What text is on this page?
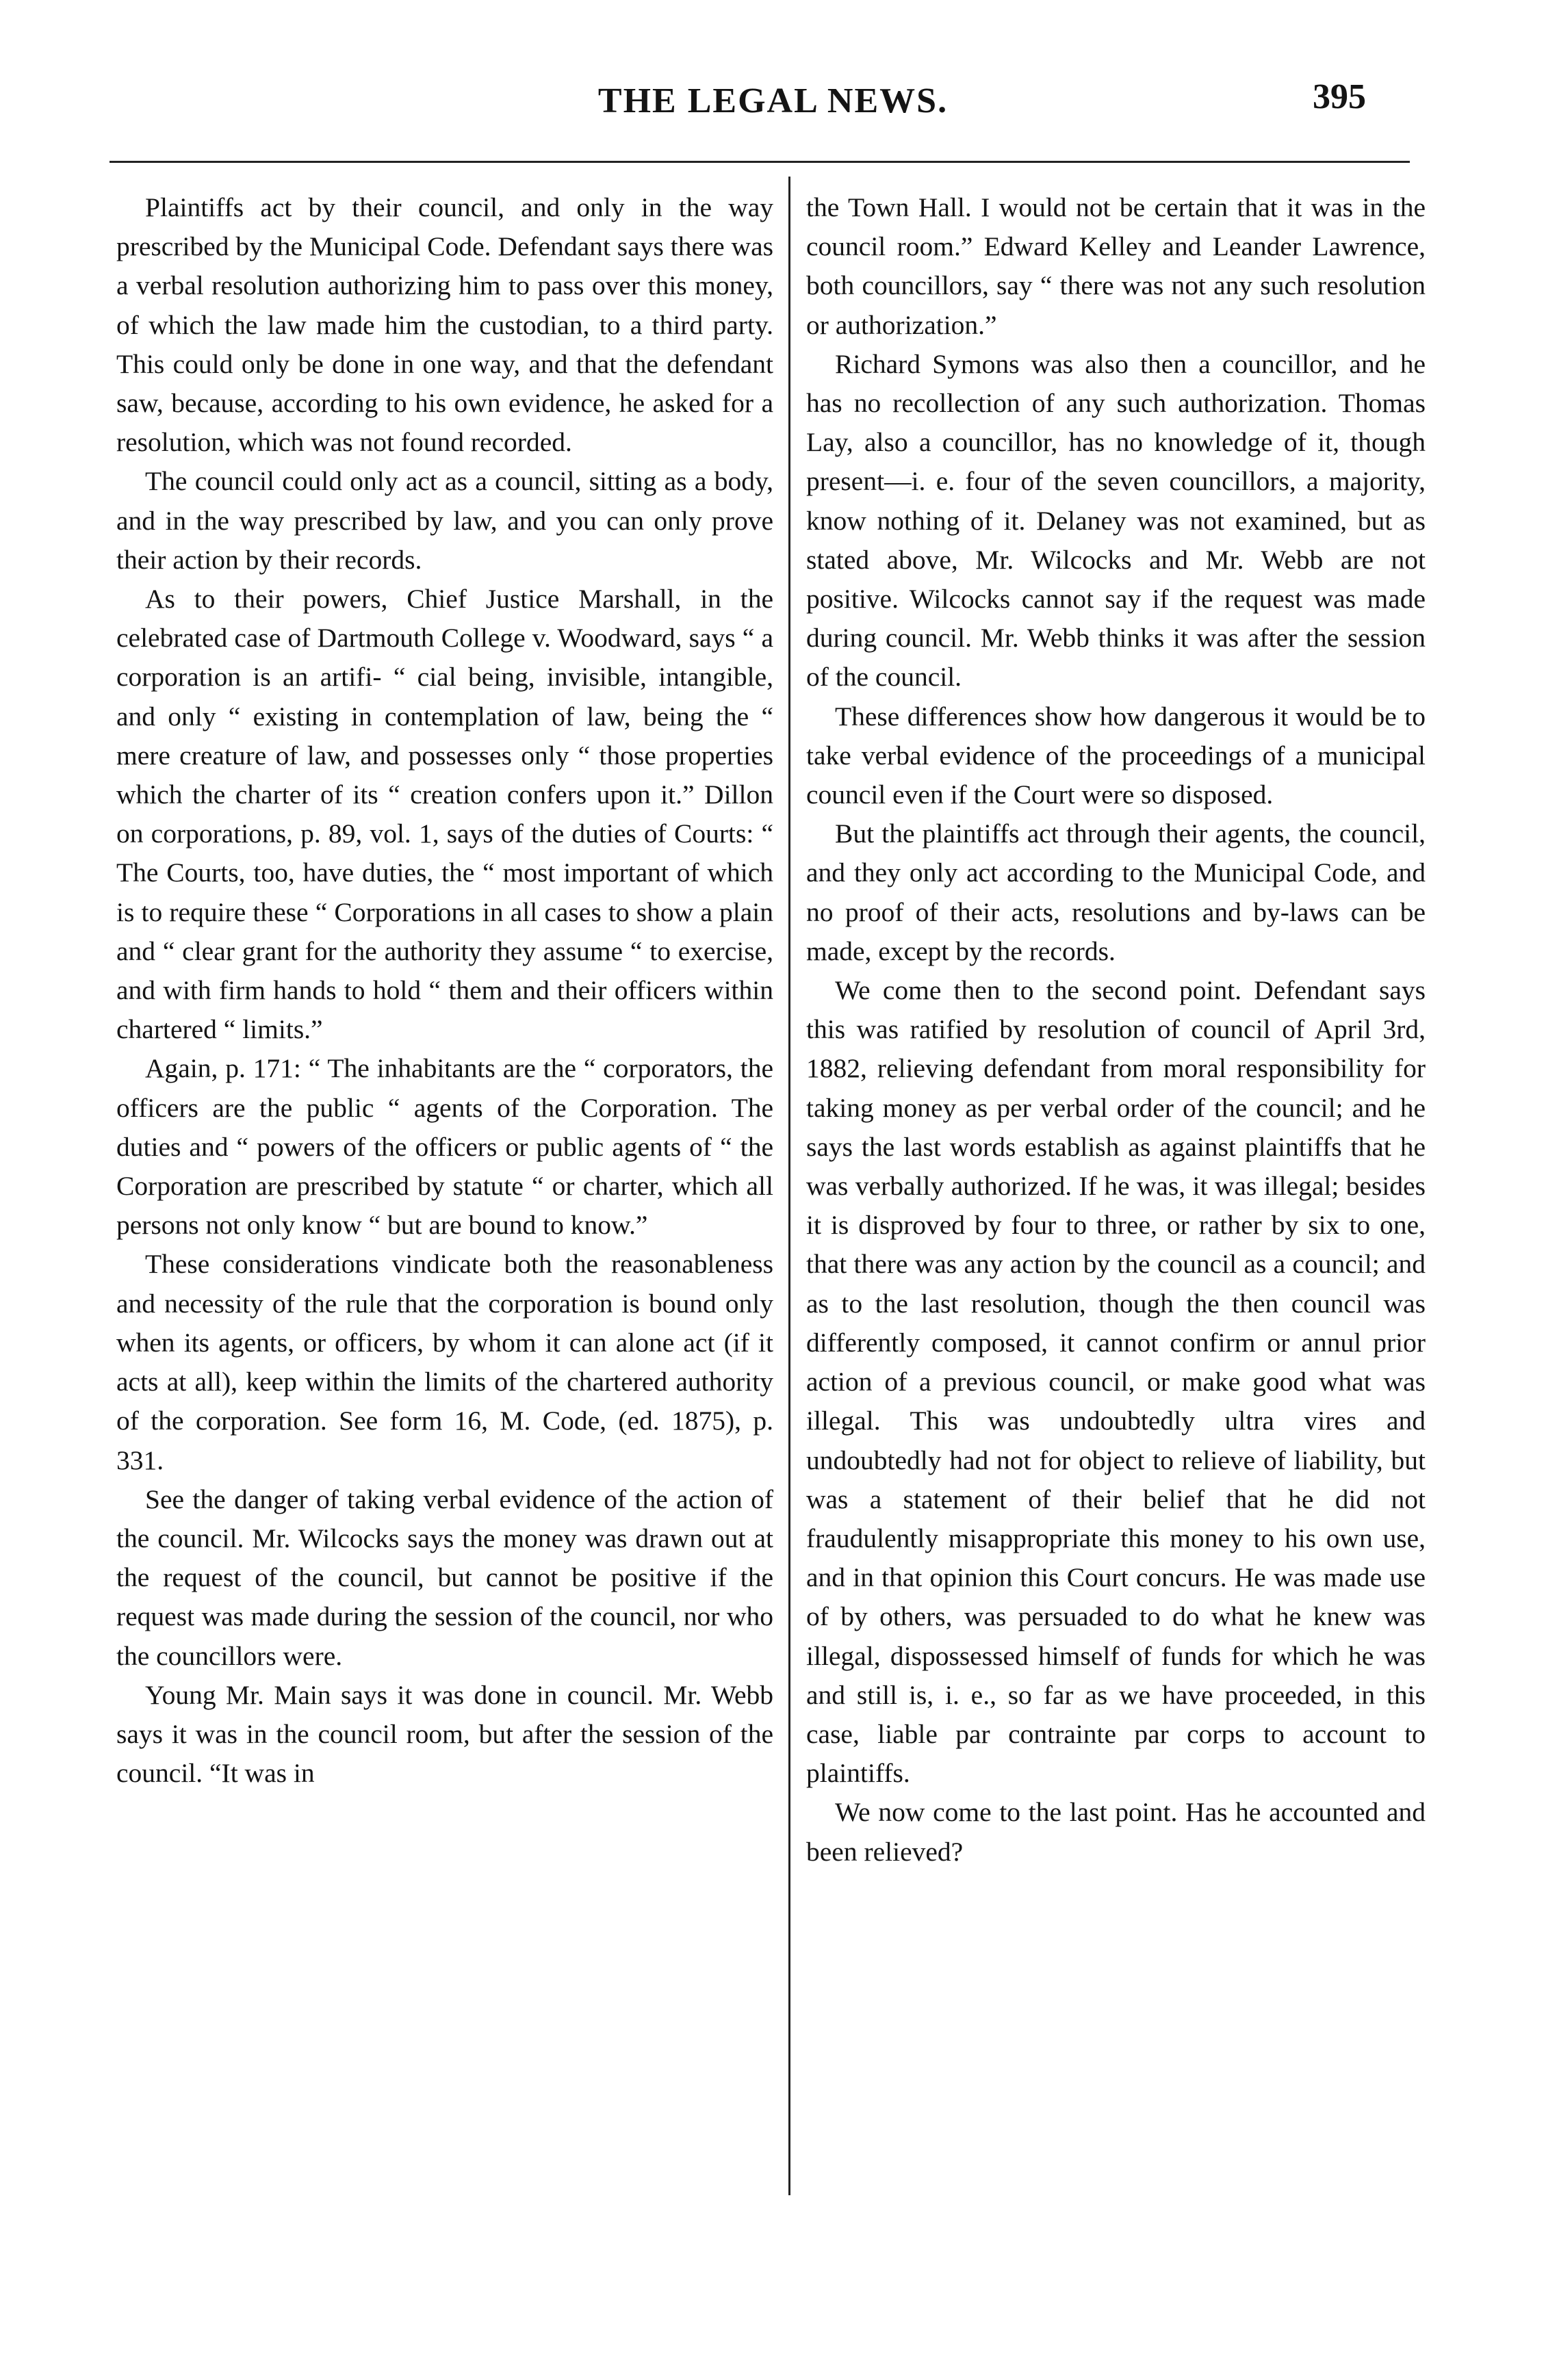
THE LEGAL NEWS.	395

Plaintiffs act by their council, and only in the way prescribed by the Municipal Code. Defendant says there was a verbal resolution authorizing him to pass over this money, of which the law made him the custodian, to a third party. This could only be done in one way, and that the defendant saw, because, according to his own evidence, he asked for a resolution, which was not found recorded.

The council could only act as a council, sitting as a body, and in the way prescribed by law, and you can only prove their action by their records.

As to their powers, Chief Justice Marshall, in the celebrated case of Dartmouth College v. Woodward, says “ a corporation is an artifi- “ cial being, invisible, intangible, and only “ existing in contemplation of law, being the “ mere creature of law, and possesses only “ those properties which the charter of its “ creation confers upon it.” Dillon on corporations, p. 89, vol. 1, says of the duties of Courts: “ The Courts, too, have duties, the “ most important of which is to require these “ Corporations in all cases to show a plain and “ clear grant for the authority they assume “ to exercise, and with firm hands to hold “ them and their officers within chartered “ limits.”

Again, p. 171: “ The inhabitants are the “ corporators, the officers are the public “ agents of the Corporation. The duties and “ powers of the officers or public agents of “ the Corporation are prescribed by statute “ or charter, which all persons not only know “ but are bound to know.”

These considerations vindicate both the reasonableness and necessity of the rule that the corporation is bound only when its agents, or officers, by whom it can alone act (if it acts at all), keep within the limits of the chartered authority of the corporation. See form 16, M. Code, (ed. 1875), p. 331.

See the danger of taking verbal evidence of the action of the council. Mr. Wilcocks says the money was drawn out at the request of the council, but cannot be positive if the request was made during the session of the council, nor who the councillors were.

Young Mr. Main says it was done in council. Mr. Webb says it was in the council room, but after the session of the council. “It was in

the Town Hall. I would not be certain that it was in the council room.” Edward Kelley and Leander Lawrence, both councillors, say “ there was not any such resolution or authorization.”

Richard Symons was also then a councillor, and he has no recollection of any such authorization. Thomas Lay, also a councillor, has no knowledge of it, though present—i. e. four of the seven councillors, a majority, know nothing of it. Delaney was not examined, but as stated above, Mr. Wilcocks and Mr. Webb are not positive. Wilcocks cannot say if the request was made during council. Mr. Webb thinks it was after the session of the council.

These differences show how dangerous it would be to take verbal evidence of the proceedings of a municipal council even if the Court were so disposed.

But the plaintiffs act through their agents, the council, and they only act according to the Municipal Code, and no proof of their acts, resolutions and by-laws can be made, except by the records.

We come then to the second point. Defendant says this was ratified by resolution of council of April 3rd, 1882, relieving defendant from moral responsibility for taking money as per verbal order of the council; and he says the last words establish as against plaintiffs that he was verbally authorized. If he was, it was illegal; besides it is disproved by four to three, or rather by six to one, that there was any action by the council as a council; and as to the last resolution, though the then council was differently composed, it cannot confirm or annul prior action of a previous council, or make good what was illegal. This was undoubtedly ultra vires and undoubtedly had not for object to relieve of liability, but was a statement of their belief that he did not fraudulently misappropriate this money to his own use, and in that opinion this Court concurs. He was made use of by others, was persuaded to do what he knew was illegal, dispossessed himself of funds for which he was and still is, i. e., so far as we have proceeded, in this case, liable par contrainte par corps to account to plaintiffs.

We now come to the last point. Has he accounted and been relieved?
